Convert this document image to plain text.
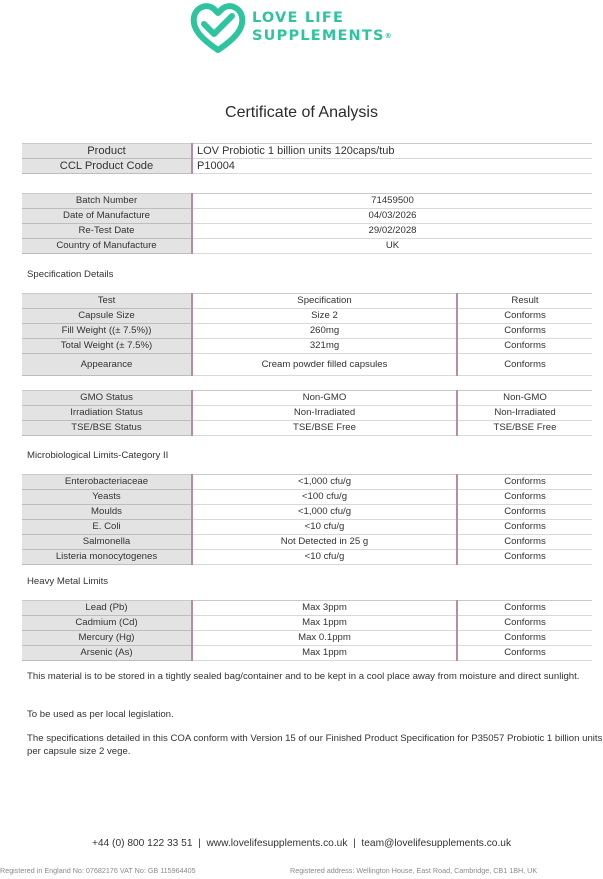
LOVE LIFE
SUPPLEMENTS®
Certificate of Analysis
Product	LOV Probiotic 1 billion units 120caps/tub
CCL Product Code	P10004
Batch Number	71459500
Date of Manufacture	04/03/2026
Re-Test Date	29/02/2028
Country of Manufacture	UK
Specification Details
Test	Specification	Result
Capsule Size	Size 2	Conforms
Fill Weight ((± 7.5%))	260mg	Conforms
Total Weight (± 7.5%)	321mg	Conforms
Appearance	Cream powder filled capsules	Conforms
GMO Status	Non-GMO	Non-GMO
Irradiation Status	Non-Irradiated	Non-Irradiated
TSE/BSE Status	TSE/BSE Free	TSE/BSE Free
Microbiological Limits-Category II
Enterobacteriaceae	<1,000 cfu/g	Conforms
Yeasts	<100 cfu/g	Conforms
Moulds	<1,000 cfu/g	Conforms
E. Coli	<10 cfu/g	Conforms
Salmonella	Not Detected in 25 g	Conforms
Listeria monocytogenes	<10 cfu/g	Conforms
Heavy Metal Limits
Lead (Pb)	Max 3ppm	Conforms
Cadmium (Cd)	Max 1ppm	Conforms
Mercury (Hg)	Max 0.1ppm	Conforms
Arsenic (As)	Max 1ppm	Conforms
This material is to be stored in a tightly sealed bag/container and to be kept in a cool place away from moisture and direct sunlight.
To be used as per local legislation.
The specifications detailed in this COA conform with Version 15 of our Finished Product Specification for P35057 Probiotic 1 billion units per capsule size 2 vege.
+44 (0) 800 122 33 51  |  www.lovelifesupplements.co.uk  |  team@lovelifesupplements.co.uk
Registered in England No: 07682176 VAT No: GB 115964405	Registered address: Wellington House, East Road, Cambridge, CB1 1BH, UK
